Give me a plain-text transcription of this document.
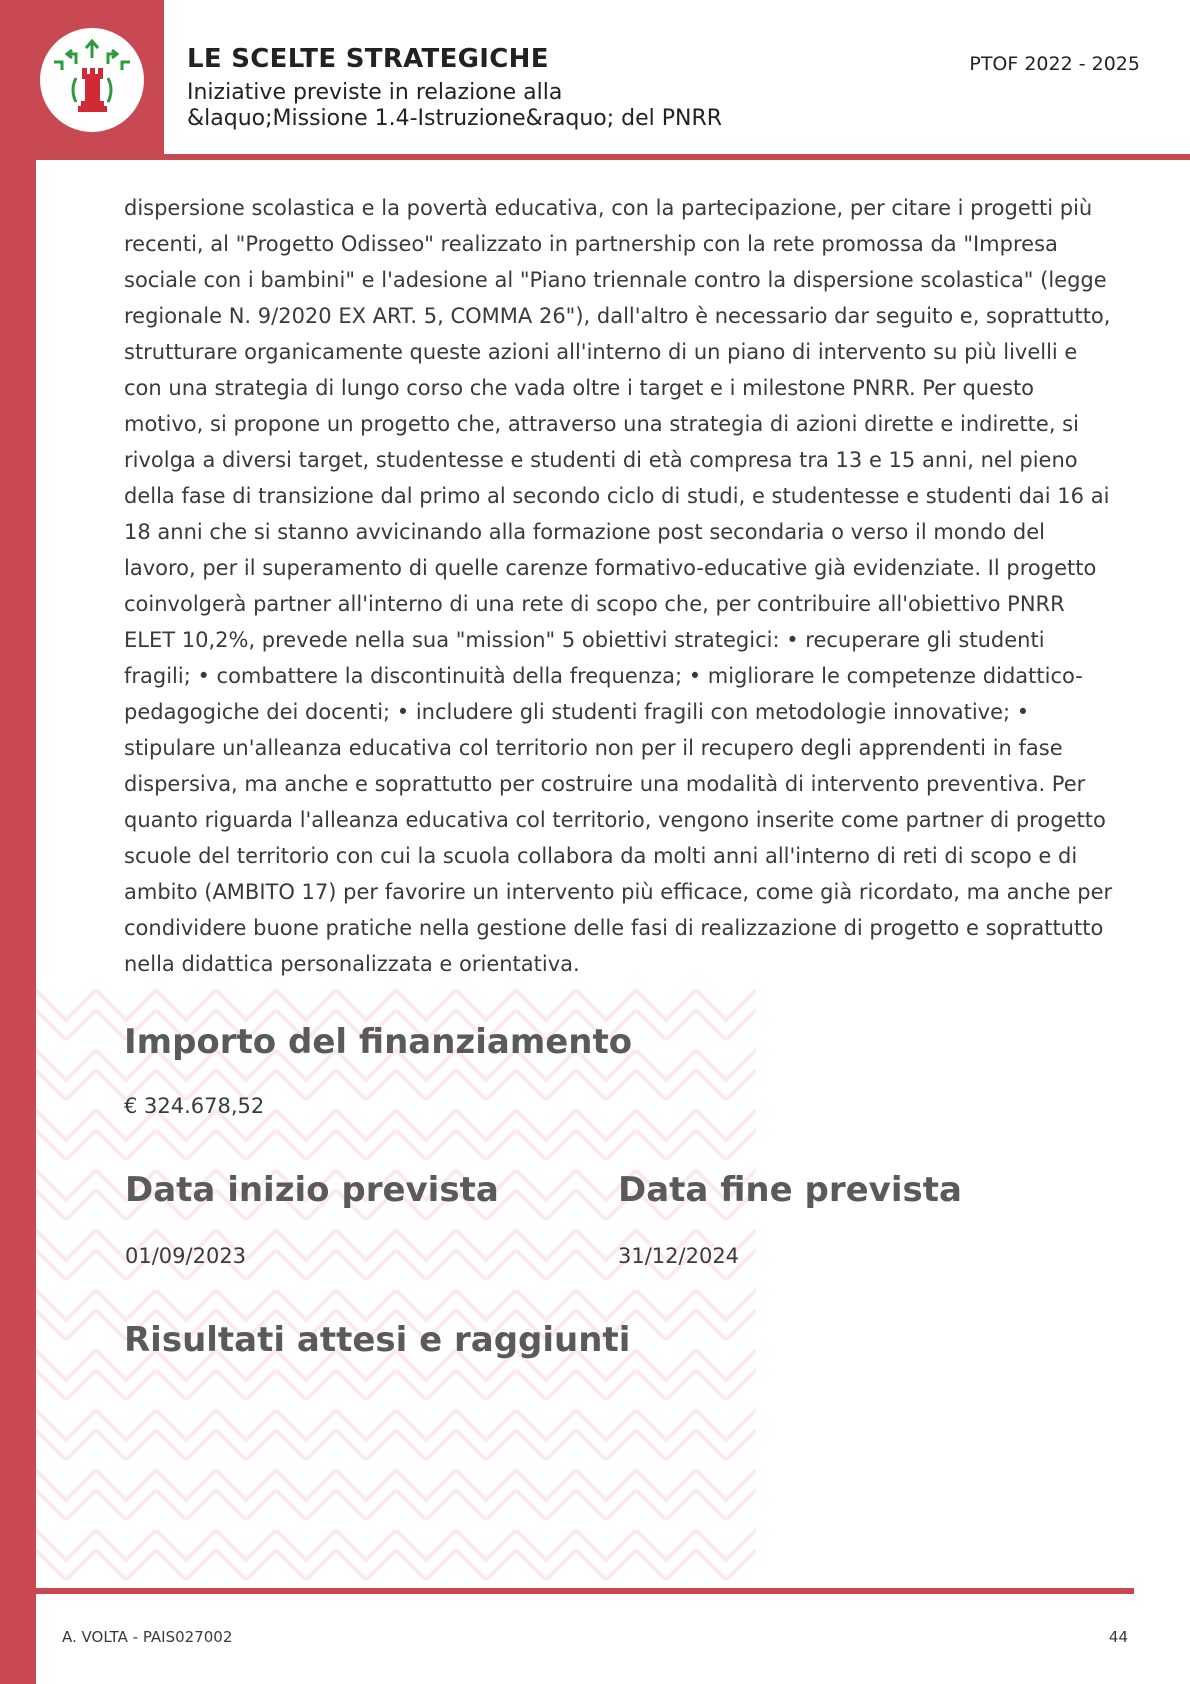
LE SCELTE STRATEGICHE
Iniziative previste in relazione alla
&laquo;Missione 1.4-Istruzione&raquo; del PNRR
PTOF 2022 - 2025

dispersione scolastica e la povertà educativa, con la partecipazione, per citare i progetti più recenti, al "Progetto Odisseo" realizzato in partnership con la rete promossa da "Impresa sociale con i bambini" e l'adesione al "Piano triennale contro la dispersione scolastica" (legge regionale N. 9/2020 EX ART. 5, COMMA 26"), dall'altro è necessario dar seguito e, soprattutto, strutturare organicamente queste azioni all'interno di un piano di intervento su più livelli e con una strategia di lungo corso che vada oltre i target e i milestone PNRR. Per questo motivo, si propone un progetto che, attraverso una strategia di azioni dirette e indirette, si rivolga a diversi target, studentesse e studenti di età compresa tra 13 e 15 anni, nel pieno della fase di transizione dal primo al secondo ciclo di studi, e studentesse e studenti dai 16 ai 18 anni che si stanno avvicinando alla formazione post secondaria o verso il mondo del lavoro, per il superamento di quelle carenze formativo-educative già evidenziate. Il progetto coinvolgerà partner all'interno di una rete di scopo che, per contribuire all'obiettivo PNRR ELET 10,2%, prevede nella sua "mission" 5 obiettivi strategici: • recuperare gli studenti fragili; • combattere la discontinuità della frequenza; • migliorare le competenze didattico-pedagogiche dei docenti; • includere gli studenti fragili con metodologie innovative; • stipulare un'alleanza educativa col territorio non per il recupero degli apprendenti in fase dispersiva, ma anche e soprattutto per costruire una modalità di intervento preventiva. Per quanto riguarda l'alleanza educativa col territorio, vengono inserite come partner di progetto scuole del territorio con cui la scuola collabora da molti anni all'interno di reti di scopo e di ambito (AMBITO 17) per favorire un intervento più efficace, come già ricordato, ma anche per condividere buone pratiche nella gestione delle fasi di realizzazione di progetto e soprattutto nella didattica personalizzata e orientativa.

Importo del finanziamento
€ 324.678,52
Data inizio prevista
01/09/2023
Data fine prevista
31/12/2024
Risultati attesi e raggiunti
A. VOLTA - PAIS027002	44
